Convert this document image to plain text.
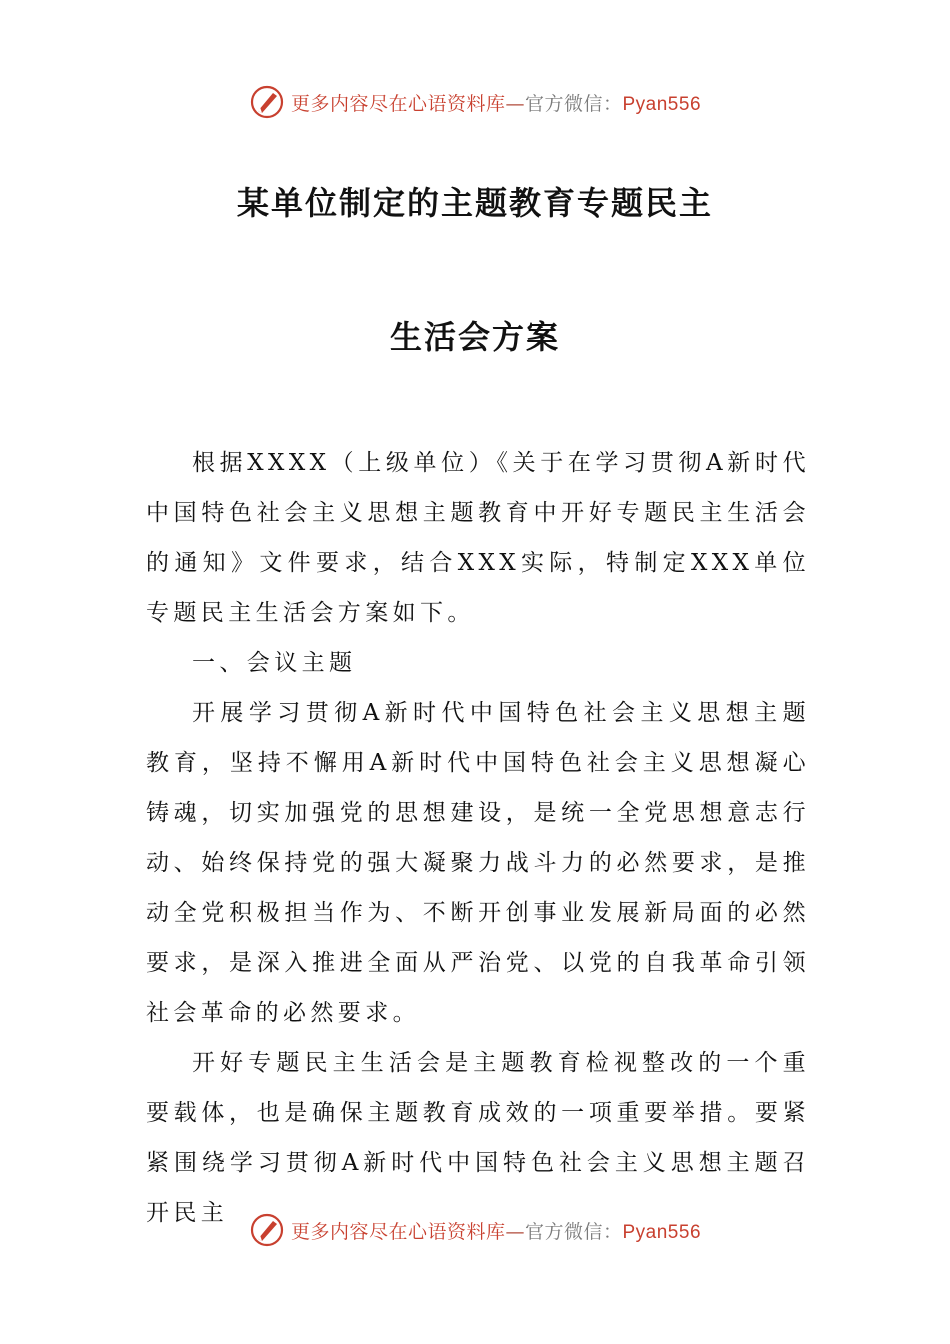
更多内容尽在心语资料库—官方微信：Pyan556
某单位制定的主题教育专题民主
生活会方案

根据XXXX（上级单位）《关于在学习贯彻A新时代中国特色社会主义思想主题教育中开好专题民主生活会的通知》文件要求，结合XXX实际，特制定XXX单位专题民主生活会方案如下。

一、会议主题

开展学习贯彻A新时代中国特色社会主义思想主题教育，坚持不懈用A新时代中国特色社会主义思想凝心铸魂，切实加强党的思想建设，是统一全党思想意志行动、始终保持党的强大凝聚力战斗力的必然要求，是推动全党积极担当作为、不断开创事业发展新局面的必然要求，是深入推进全面从严治党、以党的自我革命引领社会革命的必然要求。

开好专题民主生活会是主题教育检视整改的一个重要载体，也是确保主题教育成效的一项重要举措。要紧紧围绕学习贯彻A新时代中国特色社会主义思想主题召开民主

更多内容尽在心语资料库—官方微信：Pyan556
